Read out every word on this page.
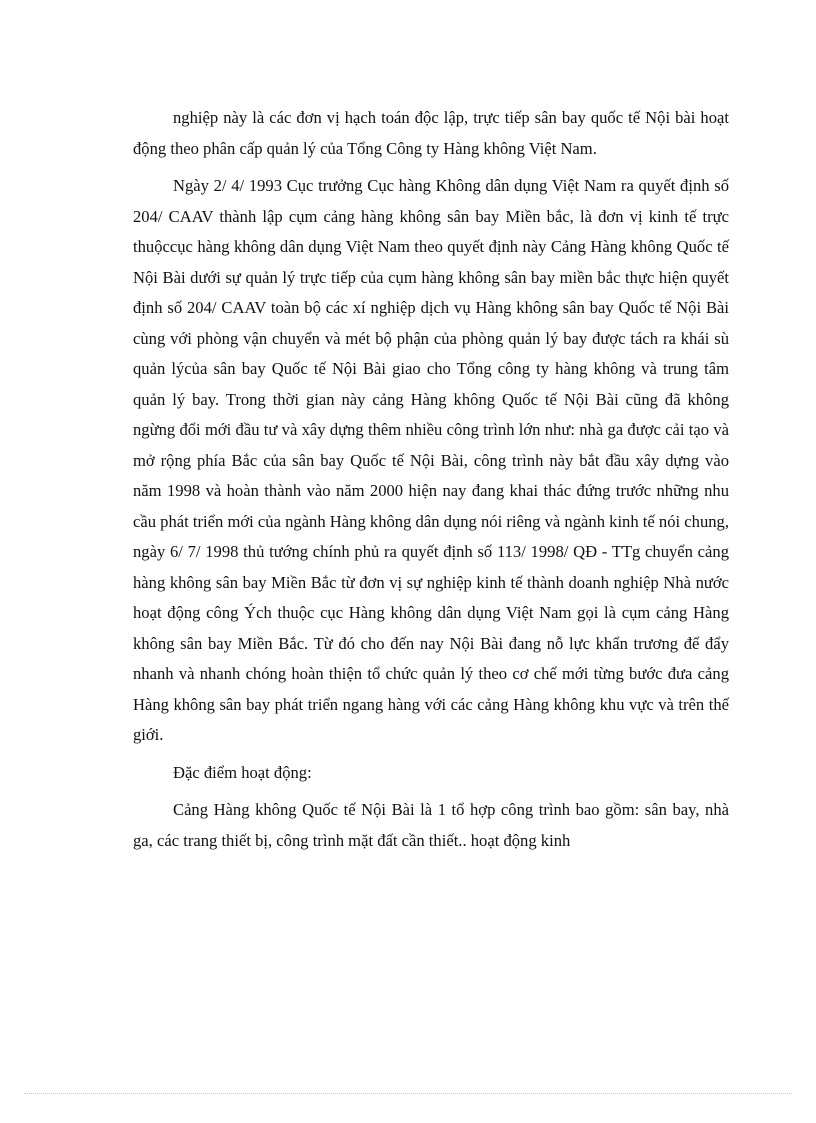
nghiệp này là các đơn vị hạch toán độc lập, trực tiếp sân bay quốc tế Nội bài hoạt động theo phân cấp quản lý của Tổng Công ty Hàng không Việt Nam.

Ngày 2/ 4/ 1993 Cục trưởng Cục hàng Không dân dụng Việt Nam ra quyết định số 204/ CAAV thành lập cụm cảng hàng không sân bay Miền bắc, là đơn vị kinh tế trực thuộccục hàng không dân dụng Việt Nam theo quyết định này Cảng Hàng không Quốc tế Nội Bài dưới sự quản lý trực tiếp của cụm hàng không sân bay miền bắc thực hiện quyết định số 204/ CAAV toàn bộ các xí nghiệp dịch vụ Hàng không sân bay Quốc tế Nội Bài cùng với phòng vận chuyển và mét bộ phận của phòng quản lý bay được tách ra khái sù quản lýcủa sân bay Quốc tế Nội Bài giao cho Tổng công ty hàng không và trung tâm quản lý bay. Trong thời gian này cảng Hàng không Quốc tế Nội Bài cũng đã không ngừng đổi mới đầu tư và xây dựng thêm nhiều công trình lớn như: nhà ga được cải tạo và mở rộng phía Bắc của sân bay Quốc tế Nội Bài, công trình này bắt đầu xây dựng vào năm 1998 và hoàn thành vào năm 2000 hiện nay đang khai thác đứng trước những nhu cầu phát triển mới của ngành Hàng không dân dụng nói riêng và ngành kinh tế nói chung, ngày 6/ 7/ 1998 thủ tướng chính phủ ra quyết định số 113/ 1998/ QĐ - TTg chuyển cảng hàng không sân bay Miền Bắc từ đơn vị sự nghiệp kinh tế thành doanh nghiệp Nhà nước hoạt động công Ých thuộc cục Hàng không dân dụng Việt Nam gọi là cụm cảng Hàng không sân bay Miền Bắc. Từ đó cho đến nay Nội Bài đang nỗ lực khẩn trương để đẩy nhanh và nhanh chóng hoàn thiện tổ chức quản lý theo cơ chế mới từng bước đưa cảng Hàng không sân bay phát triển ngang hàng với các cảng Hàng không khu vực và trên thế giới.

Đặc điểm hoạt động:

Cảng Hàng không Quốc tế Nội Bài là 1 tổ hợp công trình bao gồm: sân bay, nhà ga, các trang thiết bị, công trình mặt đất cần thiết.. hoạt động kinh
